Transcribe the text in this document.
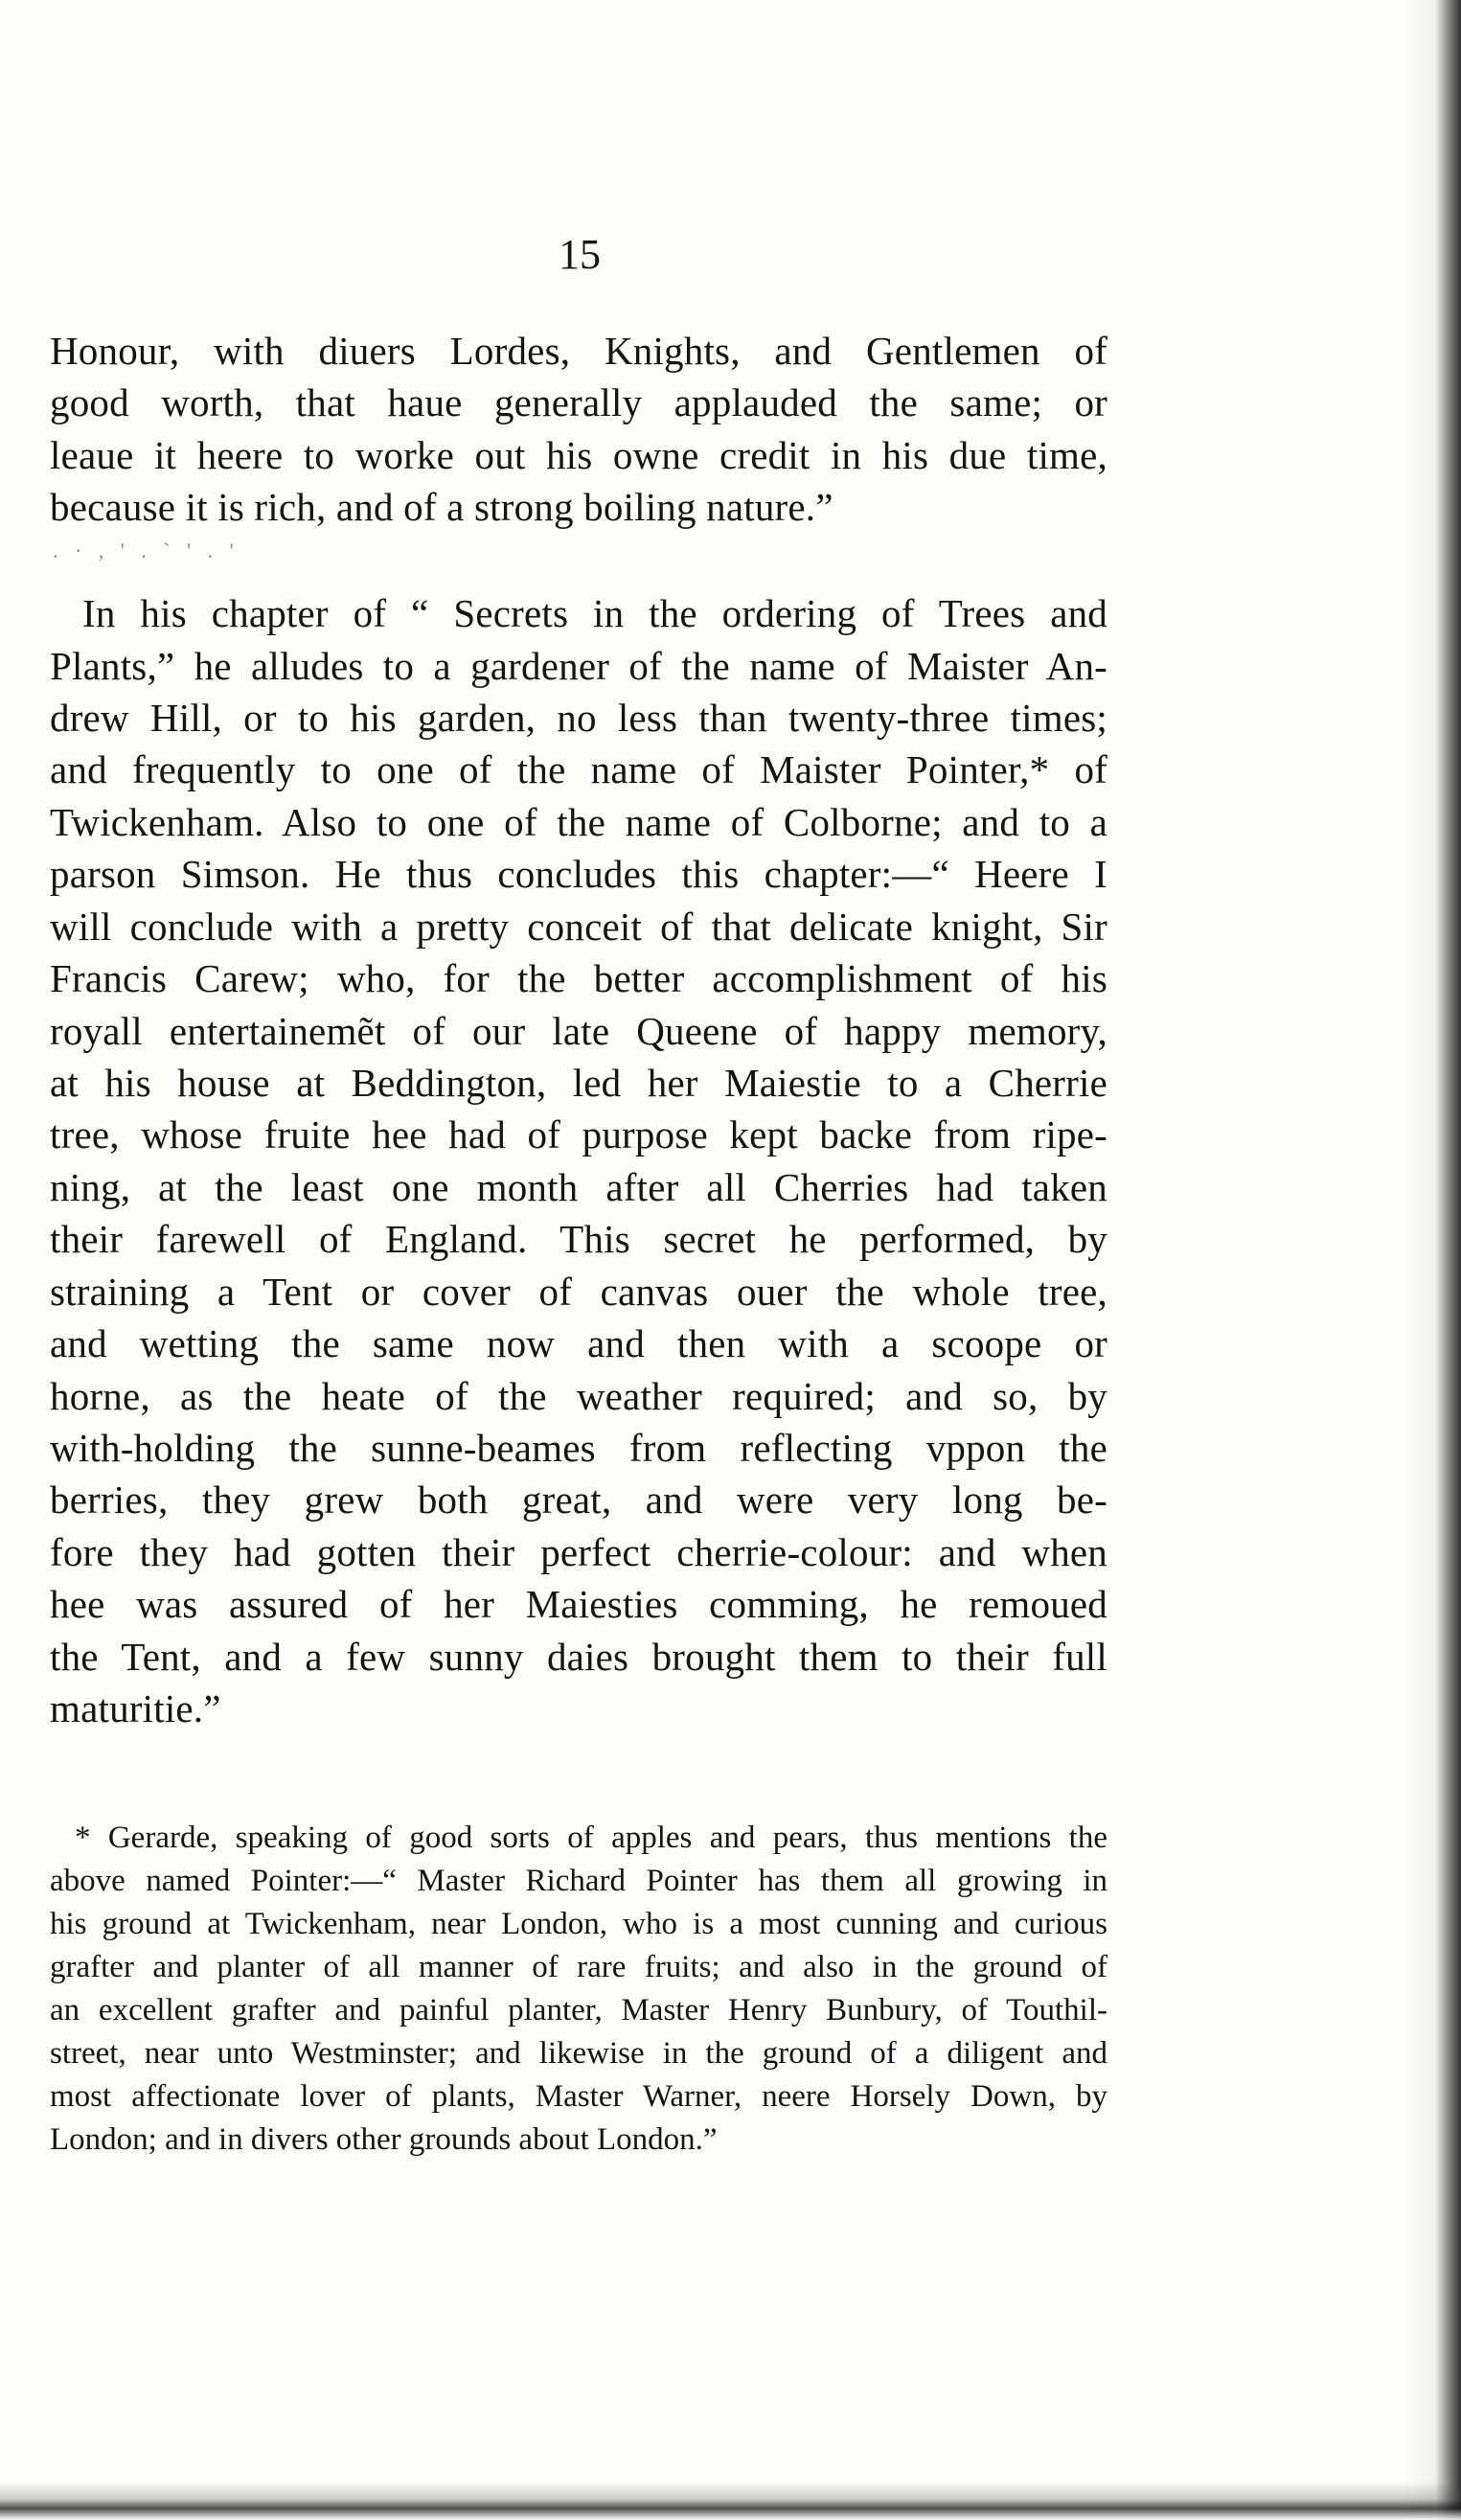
15
Honour, with diuers Lordes, Knights, and Gentlemen of
good worth, that haue generally applauded the same; or
leaue it heere to worke out his owne credit in his due time,
because it is rich, and of a strong boiling nature.”
. · , ' . ` ' . '
In his chapter of “ Secrets in the ordering of Trees and
Plants,” he alludes to a gardener of the name of Maister An-
drew Hill, or to his garden, no less than twenty-three times;
and frequently to one of the name of Maister Pointer,* of
Twickenham. Also to one of the name of Colborne; and to a
parson Simson. He thus concludes this chapter:—“ Heere I
will conclude with a pretty conceit of that delicate knight, Sir
Francis Carew; who, for the better accomplishment of his
royall entertainemẽt of our late Queene of happy memory,
at his house at Beddington, led her Maiestie to a Cherrie
tree, whose fruite hee had of purpose kept backe from ripe-
ning, at the least one month after all Cherries had taken
their farewell of England. This secret he performed, by
straining a Tent or cover of canvas ouer the whole tree,
and wetting the same now and then with a scoope or
horne, as the heate of the weather required; and so, by
with-holding the sunne-beames from reflecting vppon the
berries, they grew both great, and were very long be-
fore they had gotten their perfect cherrie-colour: and when
hee was assured of her Maiesties comming, he remoued
the Tent, and a few sunny daies brought them to their full
maturitie.”
* Gerarde, speaking of good sorts of apples and pears, thus mentions the
above named Pointer:—“ Master Richard Pointer has them all growing in
his ground at Twickenham, near London, who is a most cunning and curious
grafter and planter of all manner of rare fruits; and also in the ground of
an excellent grafter and painful planter, Master Henry Bunbury, of Touthil-
street, near unto Westminster; and likewise in the ground of a diligent and
most affectionate lover of plants, Master Warner, neere Horsely Down, by
London; and in divers other grounds about London.”
